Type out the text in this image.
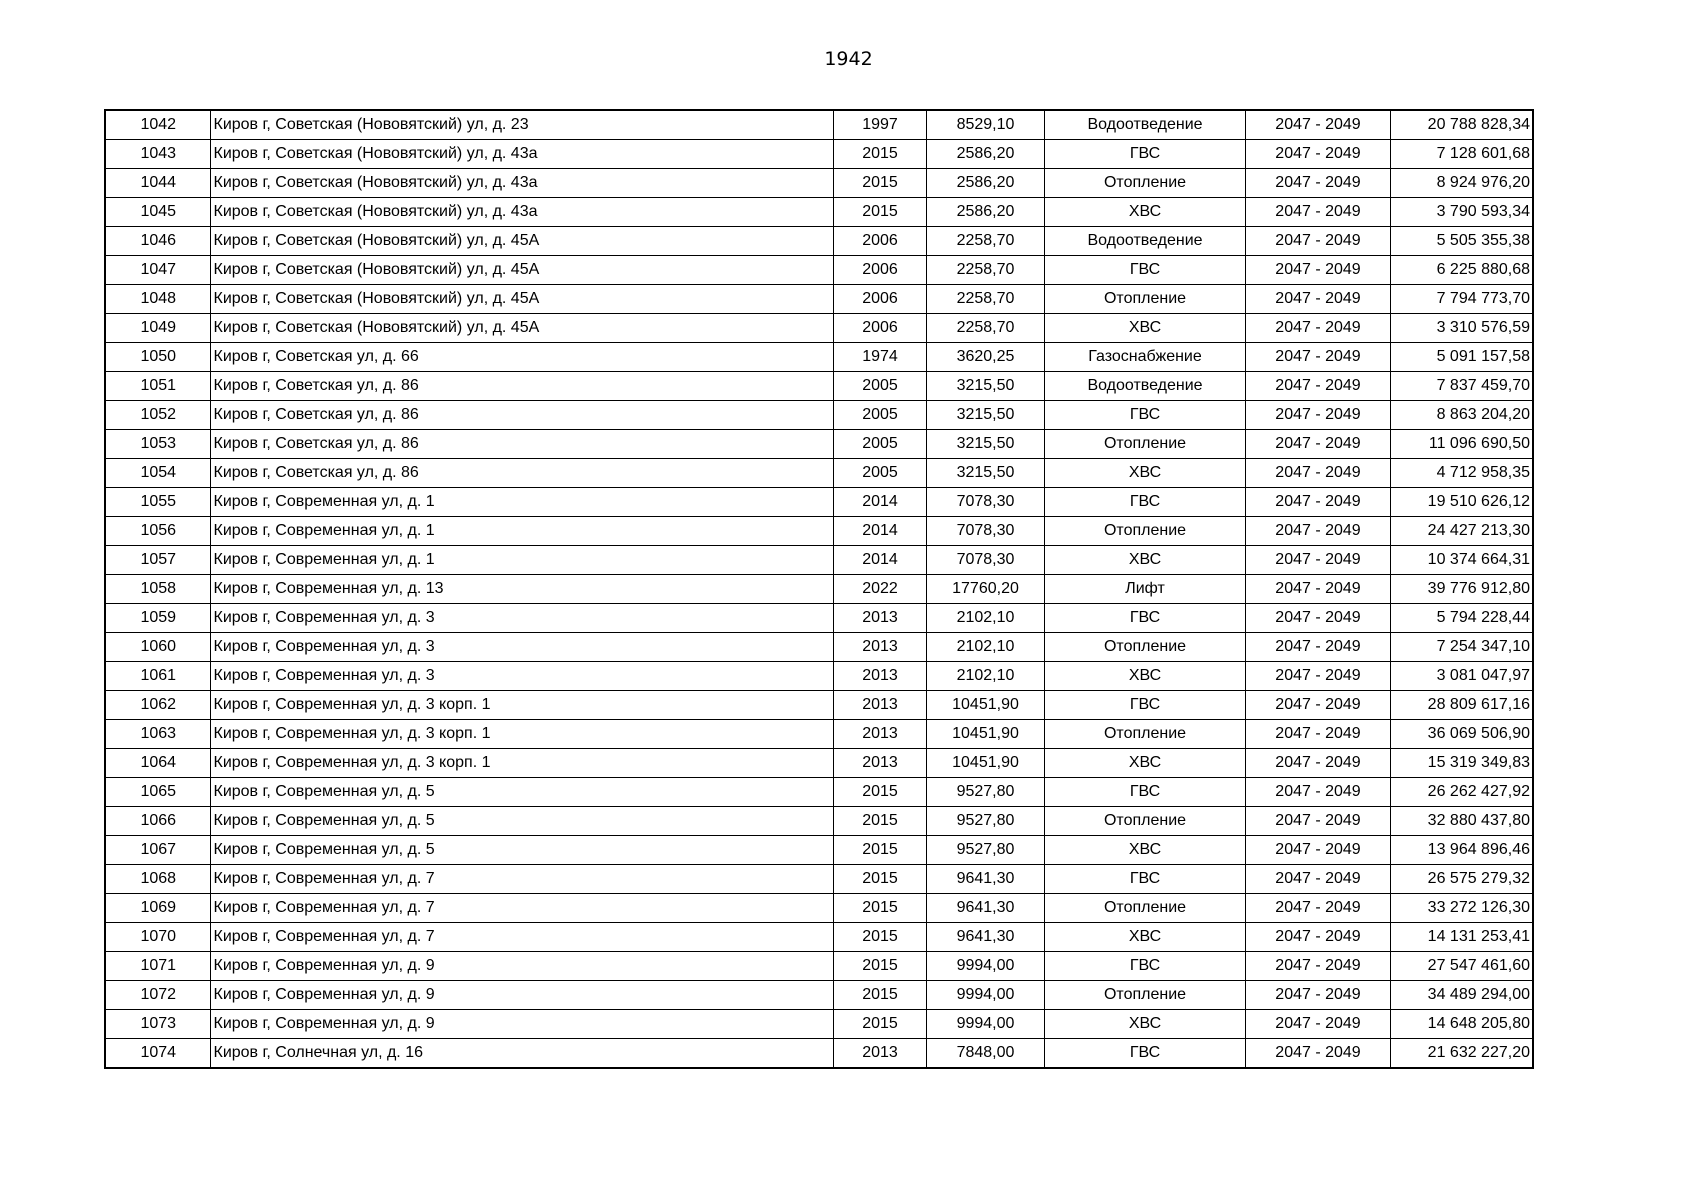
1942
1042	Киров г, Советская (Нововятский) ул, д. 23	1997	8529,10	Водоотведение	2047 - 2049	20 788 828,34
1043	Киров г, Советская (Нововятский) ул, д. 43а	2015	2586,20	ГВС	2047 - 2049	7 128 601,68
1044	Киров г, Советская (Нововятский) ул, д. 43а	2015	2586,20	Отопление	2047 - 2049	8 924 976,20
1045	Киров г, Советская (Нововятский) ул, д. 43а	2015	2586,20	ХВС	2047 - 2049	3 790 593,34
1046	Киров г, Советская (Нововятский) ул, д. 45А	2006	2258,70	Водоотведение	2047 - 2049	5 505 355,38
1047	Киров г, Советская (Нововятский) ул, д. 45А	2006	2258,70	ГВС	2047 - 2049	6 225 880,68
1048	Киров г, Советская (Нововятский) ул, д. 45А	2006	2258,70	Отопление	2047 - 2049	7 794 773,70
1049	Киров г, Советская (Нововятский) ул, д. 45А	2006	2258,70	ХВС	2047 - 2049	3 310 576,59
1050	Киров г, Советская ул, д. 66	1974	3620,25	Газоснабжение	2047 - 2049	5 091 157,58
1051	Киров г, Советская ул, д. 86	2005	3215,50	Водоотведение	2047 - 2049	7 837 459,70
1052	Киров г, Советская ул, д. 86	2005	3215,50	ГВС	2047 - 2049	8 863 204,20
1053	Киров г, Советская ул, д. 86	2005	3215,50	Отопление	2047 - 2049	11 096 690,50
1054	Киров г, Советская ул, д. 86	2005	3215,50	ХВС	2047 - 2049	4 712 958,35
1055	Киров г, Современная ул, д. 1	2014	7078,30	ГВС	2047 - 2049	19 510 626,12
1056	Киров г, Современная ул, д. 1	2014	7078,30	Отопление	2047 - 2049	24 427 213,30
1057	Киров г, Современная ул, д. 1	2014	7078,30	ХВС	2047 - 2049	10 374 664,31
1058	Киров г, Современная ул, д. 13	2022	17760,20	Лифт	2047 - 2049	39 776 912,80
1059	Киров г, Современная ул, д. 3	2013	2102,10	ГВС	2047 - 2049	5 794 228,44
1060	Киров г, Современная ул, д. 3	2013	2102,10	Отопление	2047 - 2049	7 254 347,10
1061	Киров г, Современная ул, д. 3	2013	2102,10	ХВС	2047 - 2049	3 081 047,97
1062	Киров г, Современная ул, д. 3 корп. 1	2013	10451,90	ГВС	2047 - 2049	28 809 617,16
1063	Киров г, Современная ул, д. 3 корп. 1	2013	10451,90	Отопление	2047 - 2049	36 069 506,90
1064	Киров г, Современная ул, д. 3 корп. 1	2013	10451,90	ХВС	2047 - 2049	15 319 349,83
1065	Киров г, Современная ул, д. 5	2015	9527,80	ГВС	2047 - 2049	26 262 427,92
1066	Киров г, Современная ул, д. 5	2015	9527,80	Отопление	2047 - 2049	32 880 437,80
1067	Киров г, Современная ул, д. 5	2015	9527,80	ХВС	2047 - 2049	13 964 896,46
1068	Киров г, Современная ул, д. 7	2015	9641,30	ГВС	2047 - 2049	26 575 279,32
1069	Киров г, Современная ул, д. 7	2015	9641,30	Отопление	2047 - 2049	33 272 126,30
1070	Киров г, Современная ул, д. 7	2015	9641,30	ХВС	2047 - 2049	14 131 253,41
1071	Киров г, Современная ул, д. 9	2015	9994,00	ГВС	2047 - 2049	27 547 461,60
1072	Киров г, Современная ул, д. 9	2015	9994,00	Отопление	2047 - 2049	34 489 294,00
1073	Киров г, Современная ул, д. 9	2015	9994,00	ХВС	2047 - 2049	14 648 205,80
1074	Киров г, Солнечная ул, д. 16	2013	7848,00	ГВС	2047 - 2049	21 632 227,20
